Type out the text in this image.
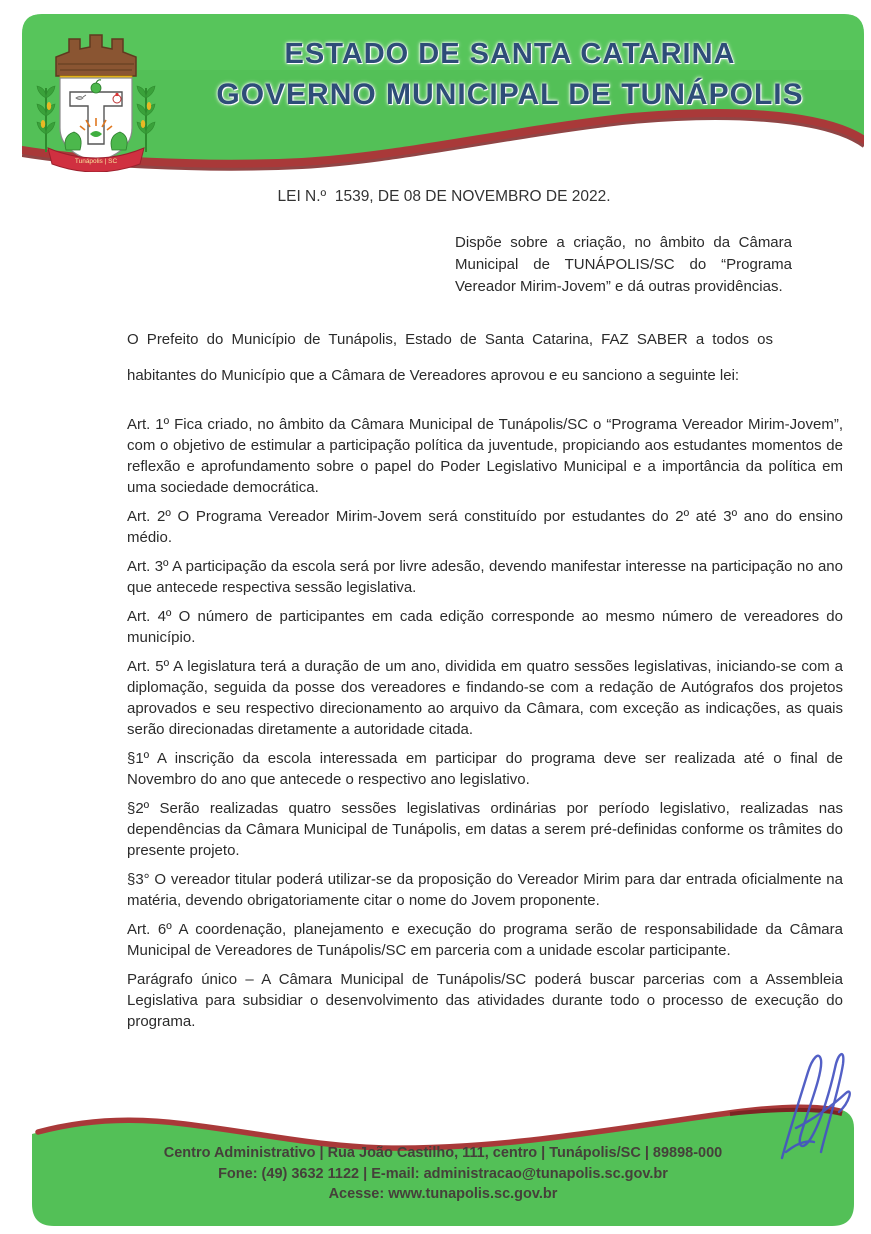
Tunápolis | SC
ESTADO DE SANTA CATARINA
GOVERNO MUNICIPAL DE TUNÁPOLIS
LEI N.º  1539, DE 08 DE NOVEMBRO DE 2022.
Dispõe sobre a criação, no âmbito da Câmara Municipal de TUNÁPOLIS/SC do “Programa Vereador Mirim-Jovem” e dá outras providências.
O Prefeito do Município de Tunápolis, Estado de Santa Catarina, FAZ SABER a todos os habitantes do Município que a Câmara de Vereadores aprovou e eu sanciono a seguinte lei:

Art. 1º Fica criado, no âmbito da Câmara Municipal de Tunápolis/SC o “Programa Vereador Mirim-Jovem”, com o objetivo de estimular a participação política da juventude, propiciando aos estudantes momentos de reflexão e aprofundamento sobre o papel do Poder Legislativo Municipal e a importância da política em uma sociedade democrática.

Art. 2º O Programa Vereador Mirim-Jovem será constituído por estudantes do 2º até 3º ano do ensino médio.

Art. 3º A participação da escola será por livre adesão, devendo manifestar interesse na participação no ano que antecede respectiva sessão legislativa.

Art. 4º O número de participantes em cada edição corresponde ao mesmo número de vereadores do município.

Art. 5º A legislatura terá a duração de um ano, dividida em quatro sessões legislativas, iniciando-se com a diplomação, seguida da posse dos vereadores e findando-se com a redação de Autógrafos dos projetos aprovados e seu respectivo direcionamento ao arquivo da Câmara, com exceção as indicações, as quais serão direcionadas diretamente a autoridade citada.

§1º A inscrição da escola interessada em participar do programa deve ser realizada até o final de Novembro do ano que antecede o respectivo ano legislativo.

§2º Serão realizadas quatro sessões legislativas ordinárias por período legislativo, realizadas nas dependências da Câmara Municipal de Tunápolis, em datas a serem pré-definidas conforme os trâmites do presente projeto.

§3° O vereador titular poderá utilizar-se da proposição do Vereador Mirim para dar entrada oficialmente na matéria, devendo obrigatoriamente citar o nome do Jovem proponente.

Art. 6º A coordenação, planejamento e execução do programa serão de responsabilidade da Câmara Municipal de Vereadores de Tunápolis/SC em parceria com a unidade escolar participante.

Parágrafo único – A Câmara Municipal de Tunápolis/SC poderá buscar parcerias com a Assembleia Legislativa para subsidiar o desenvolvimento das atividades durante todo o processo de execução do programa.

Centro Administrativo | Rua João Castilho, 111, centro | Tunápolis/SC | 89898-000
Fone: (49) 3632 1122 | E-mail: administracao@tunapolis.sc.gov.br
Acesse: www.tunapolis.sc.gov.br
